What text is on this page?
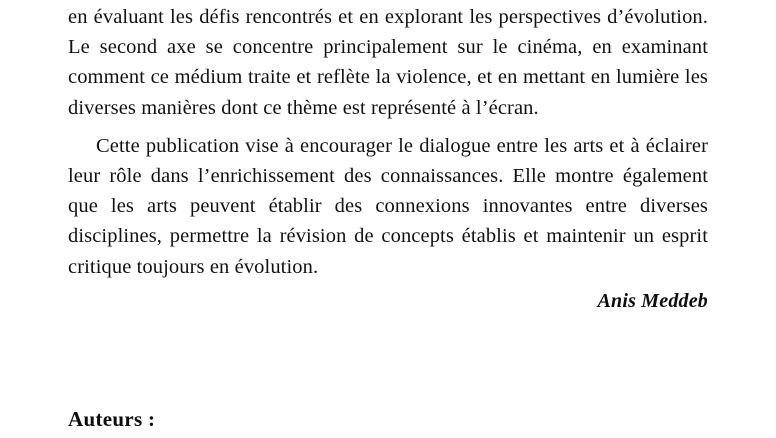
en évaluant les défis rencontrés et en explorant les perspectives d’évolution. Le second axe se concentre principalement sur le cinéma, en examinant comment ce médium traite et reflète la violence, et en mettant en lumière les diverses manières dont ce thème est représenté à l’écran.

Cette publication vise à encourager le dialogue entre les arts et à éclairer leur rôle dans l’enrichissement des connaissances. Elle montre également que les arts peuvent établir des connexions innovantes entre diverses disciplines, permettre la révision de concepts établis et maintenir un esprit critique toujours en évolution.

Anis Meddeb
Auteurs :
